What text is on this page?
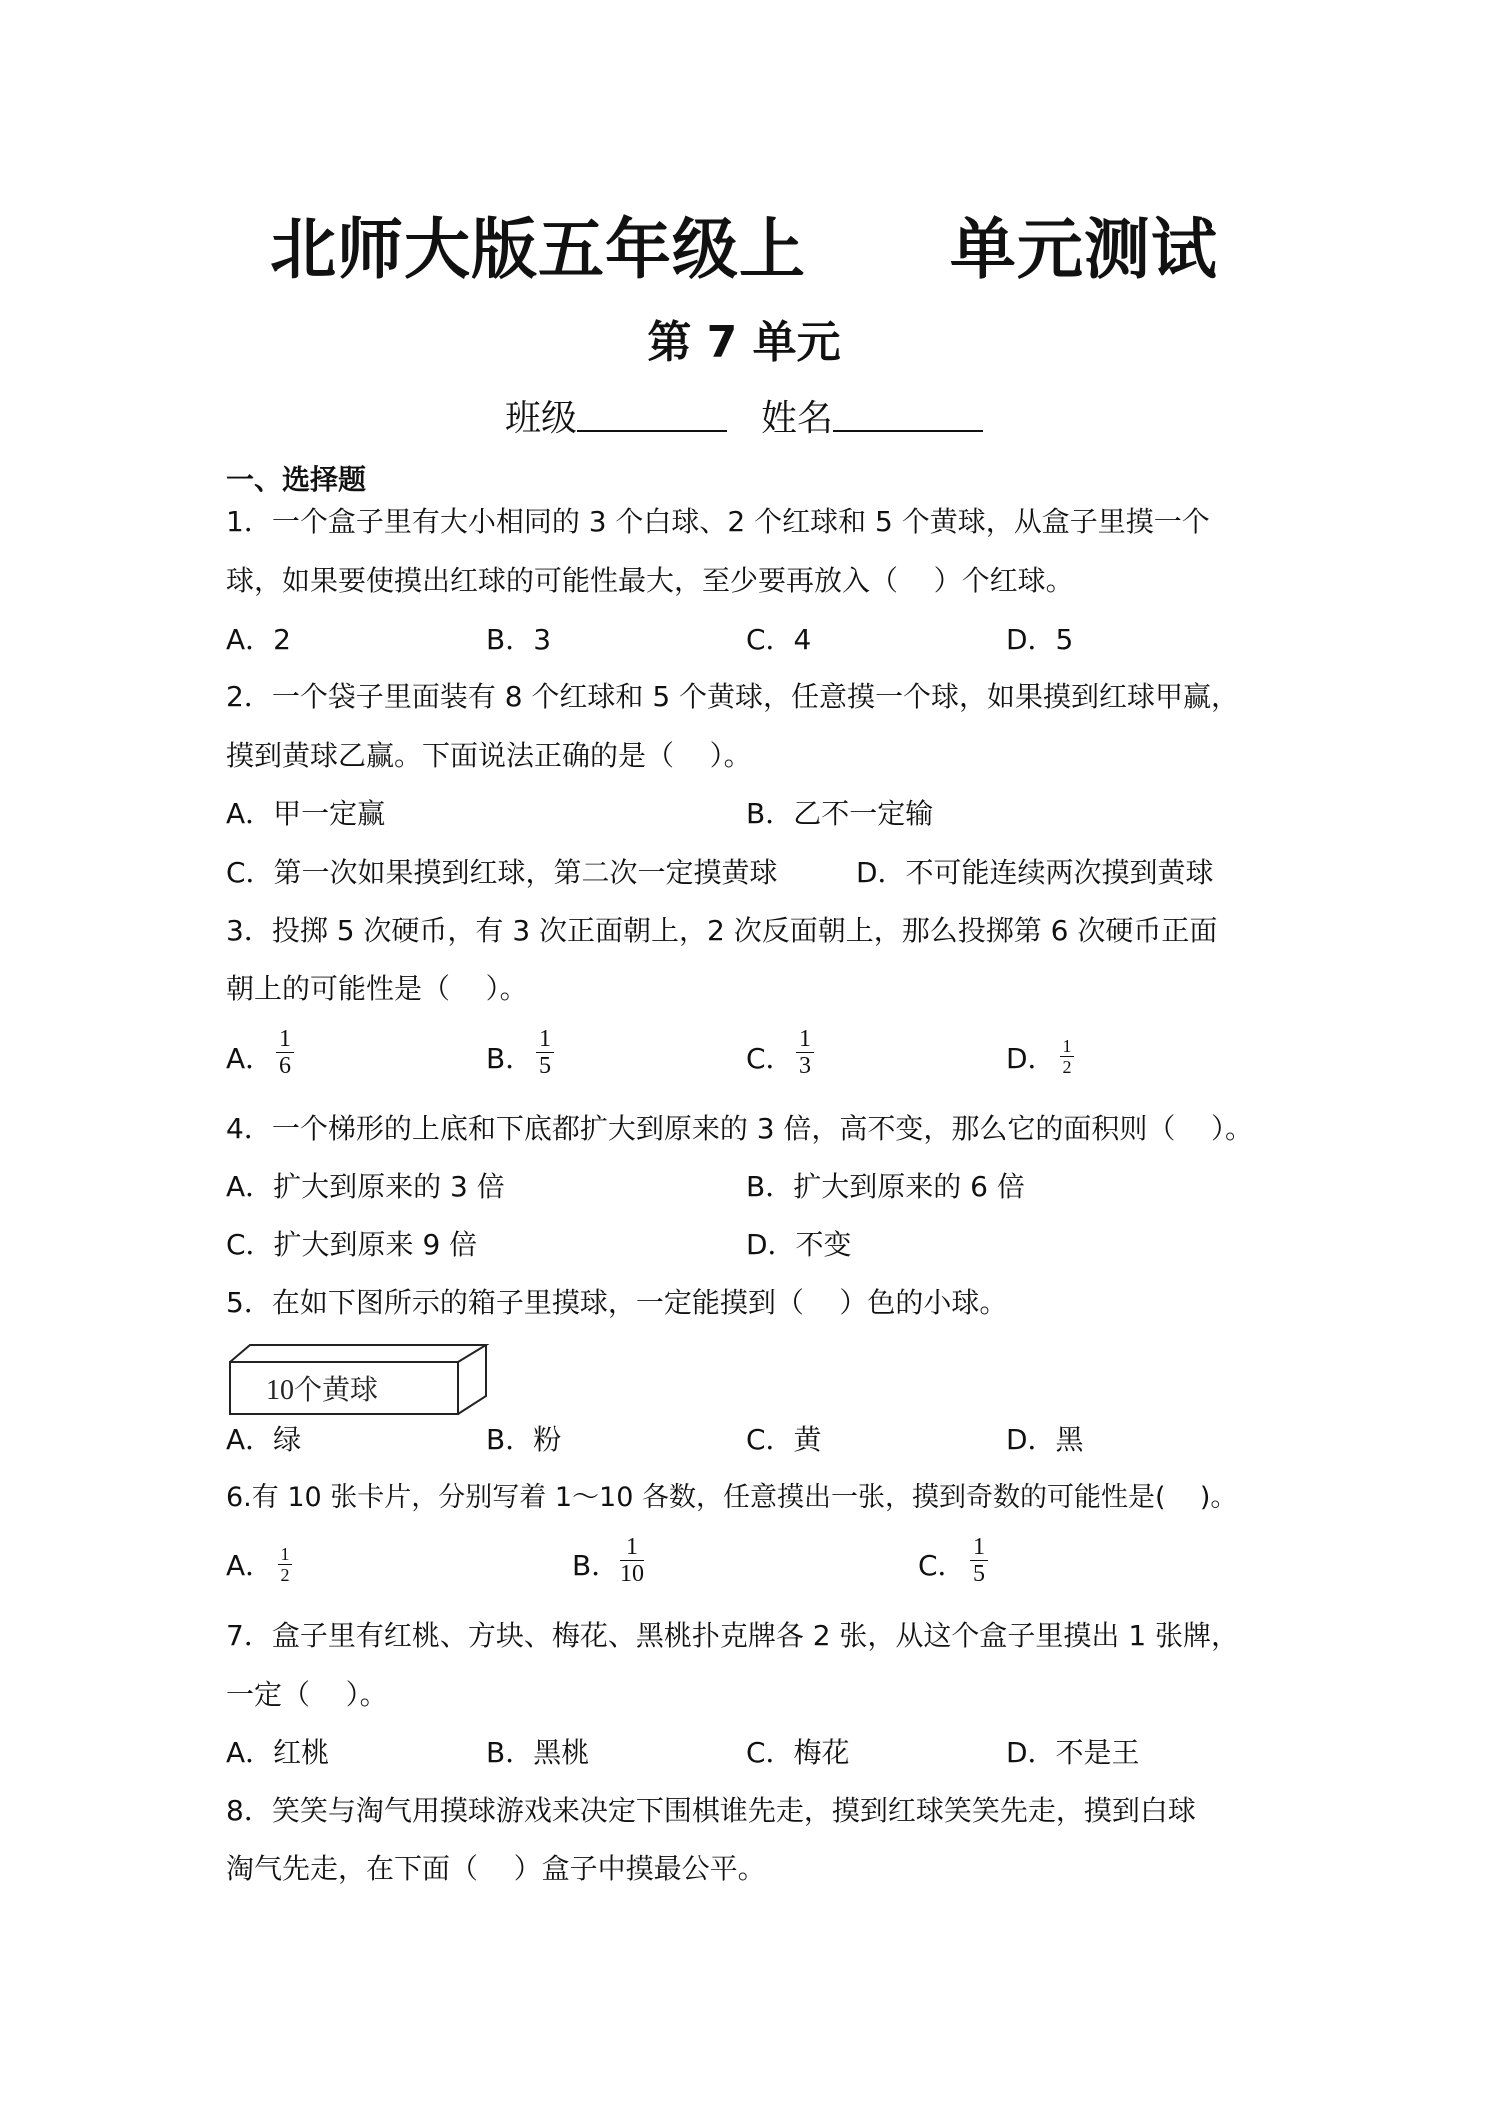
北师大版五年级上      单元测试
第 7 单元
班级	姓名
一、选择题
1．一个盒子里有大小相同的 3 个白球、2 个红球和 5 个黄球，从盒子里摸一个
球，如果要使摸出红球的可能性最大，至少要再放入（    ）个红球。
A．2	B．3	C．4	D．5
2．一个袋子里面装有 8 个红球和 5 个黄球，任意摸一个球，如果摸到红球甲赢，
摸到黄球乙赢。下面说法正确的是（    ）。
A．甲一定赢	B．乙不一定输
C．第一次如果摸到红球，第二次一定摸黄球	D．不可能连续两次摸到黄球
3．投掷 5 次硬币，有 3 次正面朝上，2 次反面朝上，那么投掷第 6 次硬币正面
朝上的可能性是（    ）。
A．
1
6	B．
1
5	C．
1
3	D． 1
2
4．一个梯形的上底和下底都扩大到原来的 3 倍，高不变，那么它的面积则（    ）。
A．扩大到原来的 3 倍	B．扩大到原来的 6 倍
C．扩大到原来 9 倍	D．不变
5．在如下图所示的箱子里摸球，一定能摸到（    ）色的小球。
10个黄球
A．绿	B．粉	C．黄	D．黑
6.有 10 张卡片，分别写着 1～10 各数，任意摸出一张，摸到奇数的可能性是(    )。
A． 1
2	B．
1
10	C．
1
5
7．盒子里有红桃、方块、梅花、黑桃扑克牌各 2 张，从这个盒子里摸出 1 张牌，
一定（    ）。
A．红桃	B．黑桃	C．梅花	D．不是王
8．笑笑与淘气用摸球游戏来决定下围棋谁先走，摸到红球笑笑先走，摸到白球
淘气先走，在下面（    ）盒子中摸最公平。
